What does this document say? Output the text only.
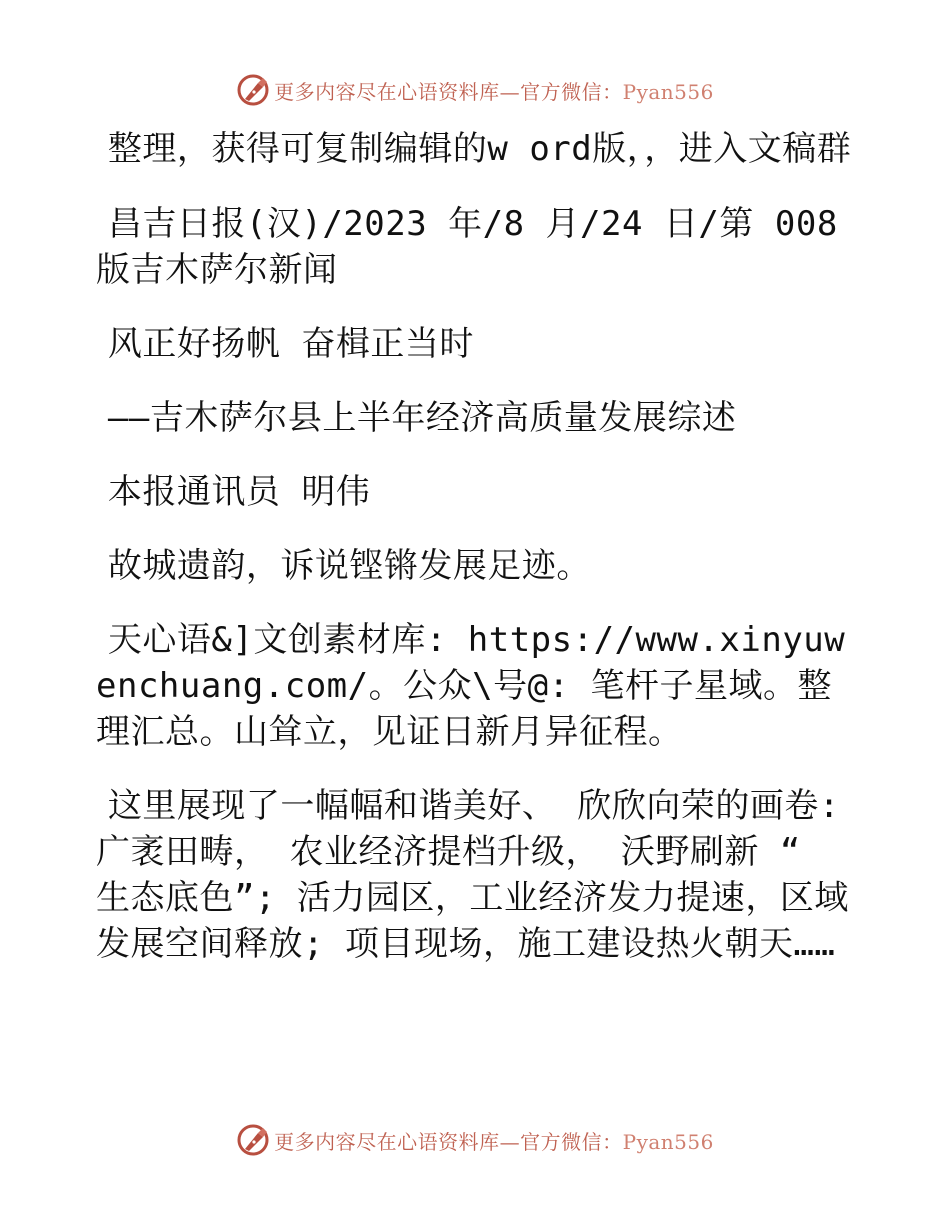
更多内容尽在心语资料库—官方微信：Pyan556

整理，获得可复制编辑的w ord版，，进入文稿群

昌吉日报(汉)/2023 年/8 月/24 日/第 008 版吉木萨尔新闻

风正好扬帆 奋楫正当时

——吉木萨尔县上半年经济高质量发展综述

本报通讯员 明伟

故城遗韵，诉说铿锵发展足迹。

天心语&]文创素材库: https://www.xinyuwenchuang.com/。公众\号@: 笔杆子星域。整理汇总。山耸立，见证日新月异征程。

这里展现了一幅幅和谐美好、 欣欣向荣的画卷: 广袤田畴， 农业经济提档升级， 沃野刷新 “ 生态底色”; 活力园区，工业经济发力提速，区域发展空间释放; 项目现场，施工建设热火朝天……

更多内容尽在心语资料库—官方微信：Pyan556
